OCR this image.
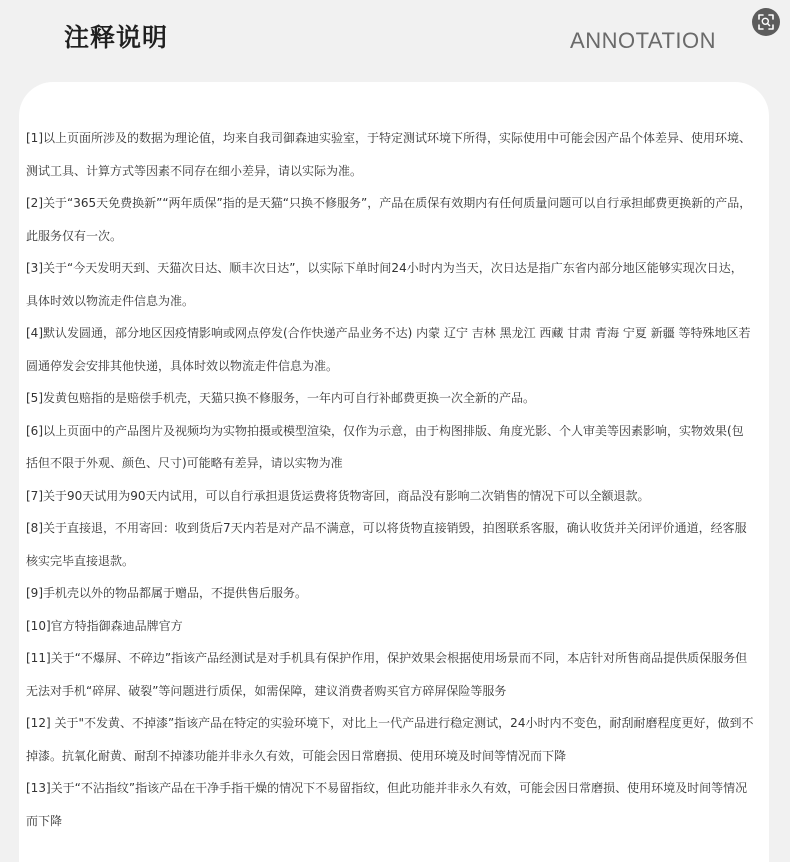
注释说明	ANNOTATION
[1]以上页面所涉及的数据为理论值，均来自我司御森迪实验室，于特定测试环境下所得，实际使用中可能会因产品个体差异、使用环境、测试工具、计算方式等因素不同存在细小差异，请以实际为准。
[2]关于“365天免费换新”“两年质保”指的是天猫“只换不修服务”，产品在质保有效期内有任何质量问题可以自行承担邮费更换新的产品，此服务仅有一次。
[3]关于“今天发明天到、天猫次日达、顺丰次日达”，以实际下单时间24小时内为当天，次日达是指广东省内部分地区能够实现次日达，具体时效以物流走件信息为准。
[4]默认发圆通，部分地区因疫情影响或网点停发(合作快递产品业务不达) 内蒙 辽宁 吉林 黑龙江 西藏 甘肃 青海 宁夏 新疆 等特殊地区若圆通停发会安排其他快递，具体时效以物流走件信息为准。
[5]发黄包赔指的是赔偿手机壳，天猫只换不修服务，一年内可自行补邮费更换一次全新的产品。
[6]以上页面中的产品图片及视频均为实物拍摄或模型渲染，仅作为示意，由于构图排版、角度光影、个人审美等因素影响，实物效果(包括但不限于外观、颜色、尺寸)可能略有差异，请以实物为准
[7]关于90天试用为90天内试用，可以自行承担退货运费将货物寄回，商品没有影响二次销售的情况下可以全额退款。
[8]关于直接退，不用寄回：收到货后7天内若是对产品不满意，可以将货物直接销毁，拍图联系客服，确认收货并关闭评价通道，经客服核实完毕直接退款。
[9]手机壳以外的物品都属于赠品，不提供售后服务。
[10]官方特指御森迪品牌官方
[11]关于“不爆屏、不碎边”指该产品经测试是对手机具有保护作用，保护效果会根据使用场景而不同，本店针对所售商品提供质保服务但无法对手机“碎屏、破裂”等问题进行质保，如需保障，建议消费者购买官方碎屏保险等服务
[12] 关于"不发黄、不掉漆”指该产品在特定的实验环境下，对比上一代产品进行稳定测试，24小时内不变色，耐刮耐磨程度更好，做到不掉漆。抗氧化耐黄、耐刮不掉漆功能并非永久有效，可能会因日常磨损、使用环境及时间等情况而下降
[13]关于“不沾指纹”指该产品在干净手指干燥的情况下不易留指纹，但此功能并非永久有效，可能会因日常磨损、使用环境及时间等情况而下降
